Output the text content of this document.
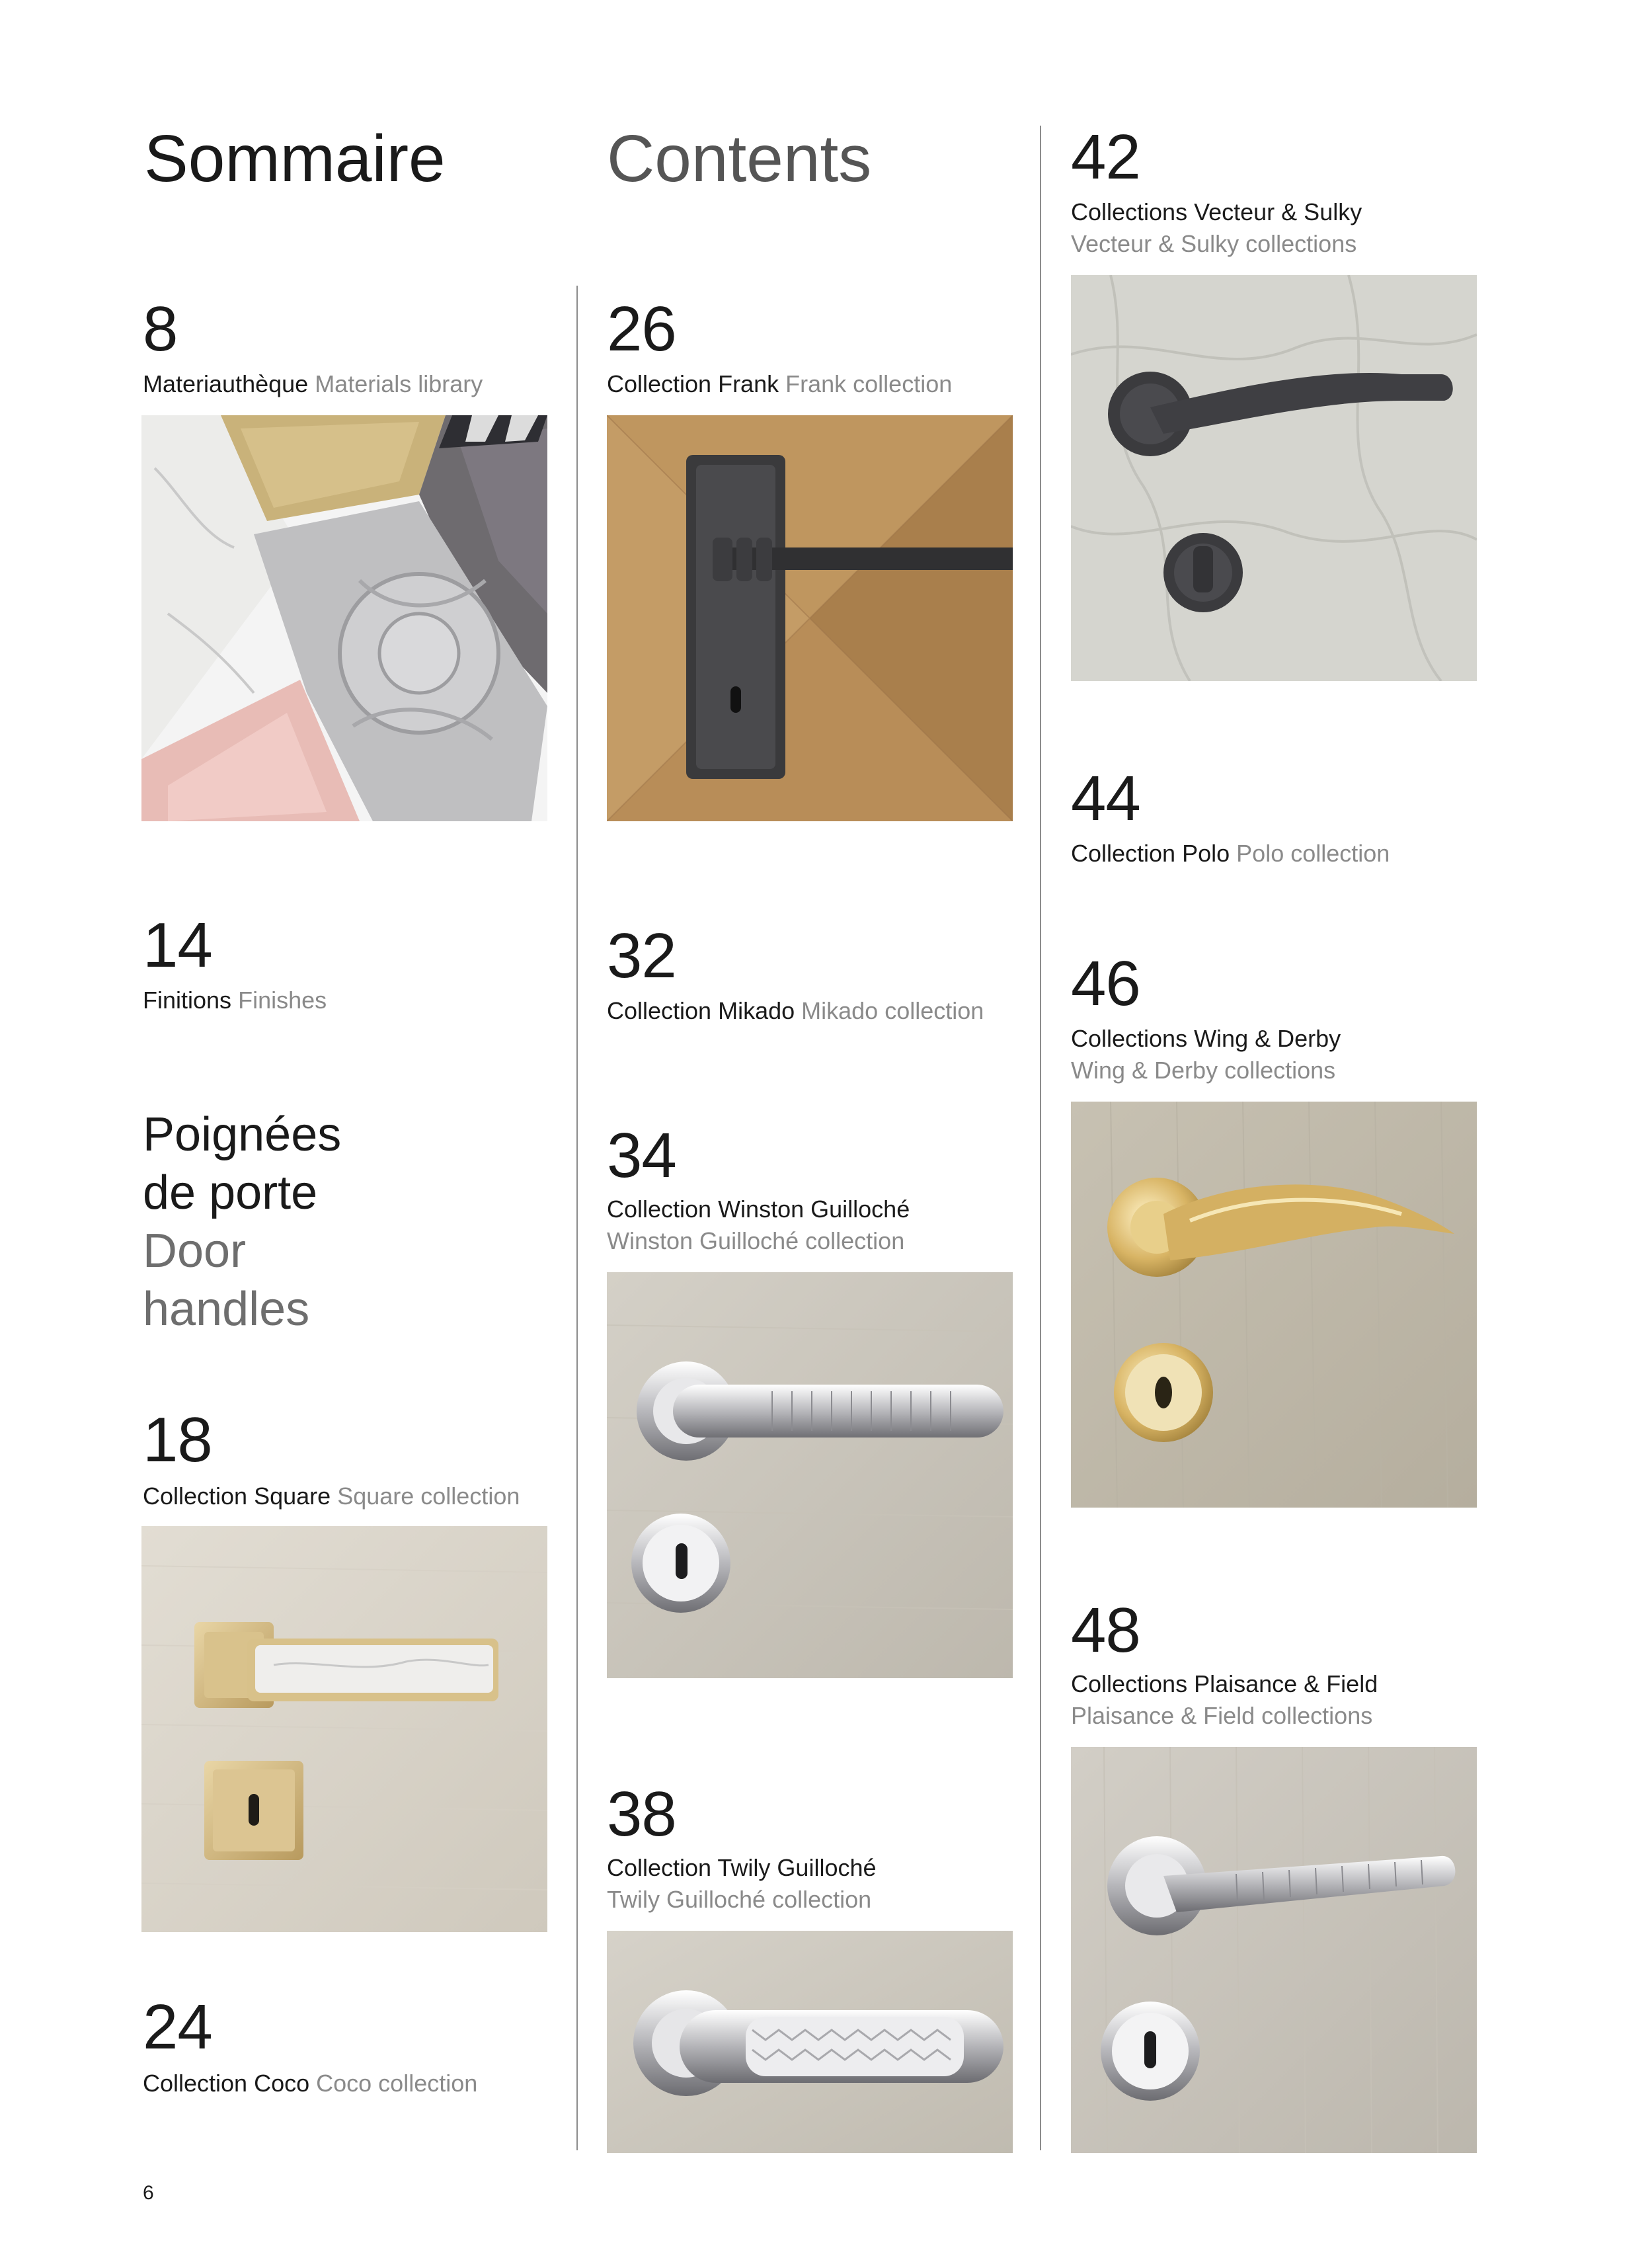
Sommaire Contents
8
Materiauthèque Materials library
14
Finitions Finishes
Poignées
de porte
Door
handles
18
Collection Square Square collection
24
Collection Coco Coco collection
26
Collection Frank Frank collection
32
Collection Mikado Mikado collection
34
Collection Winston Guilloché
Winston Guilloché collection
38
Collection Twily Guilloché
Twily Guilloché collection
42
Collections Vecteur & Sulky
Vecteur & Sulky collections
44
Collection Polo Polo collection
46
Collections Wing & Derby
Wing & Derby collections
48
Collections Plaisance & Field
Plaisance & Field collections
6
